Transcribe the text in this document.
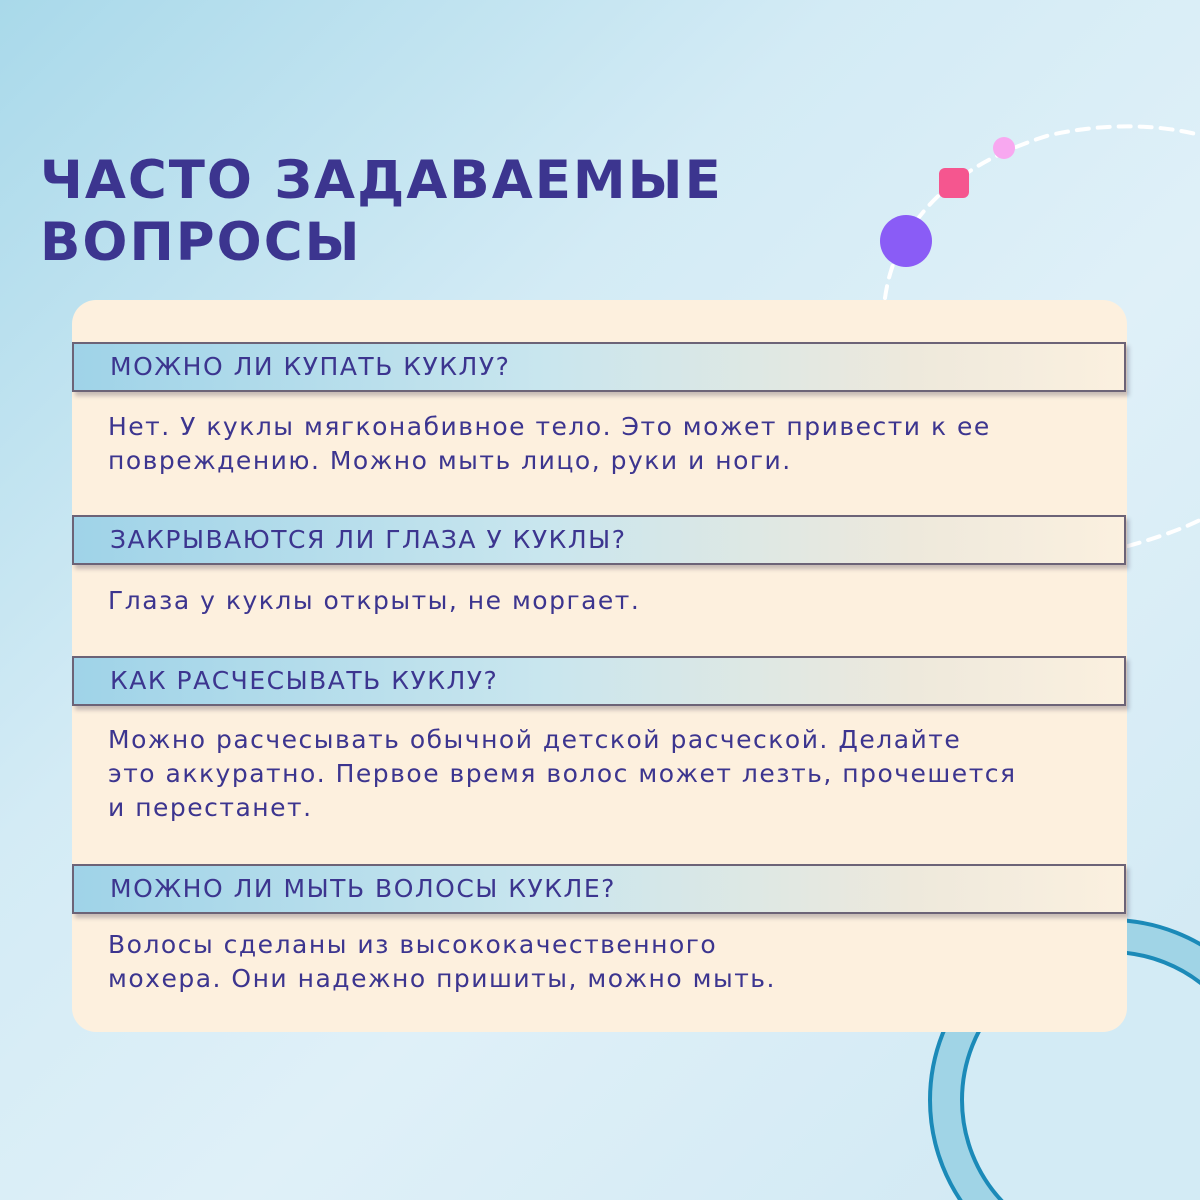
ЧАСТО ЗАДАВАЕМЫЕ
ВОПРОСЫ
МОЖНО ЛИ КУПАТЬ КУКЛУ?
Нет. У куклы мягконабивное тело. Это может привести к ее
повреждению. Можно мыть лицо, руки и ноги.
ЗАКРЫВАЮТСЯ ЛИ ГЛАЗА У КУКЛЫ?
Глаза у куклы открыты, не моргает.
КАК РАСЧЕСЫВАТЬ КУКЛУ?
Можно расчесывать обычной детской расческой. Делайте
это аккуратно. Первое время волос может лезть, прочешется
и перестанет.
МОЖНО ЛИ МЫТЬ ВОЛОСЫ КУКЛЕ?
Волосы сделаны из высококачественного
мохера. Они надежно пришиты, можно мыть.
